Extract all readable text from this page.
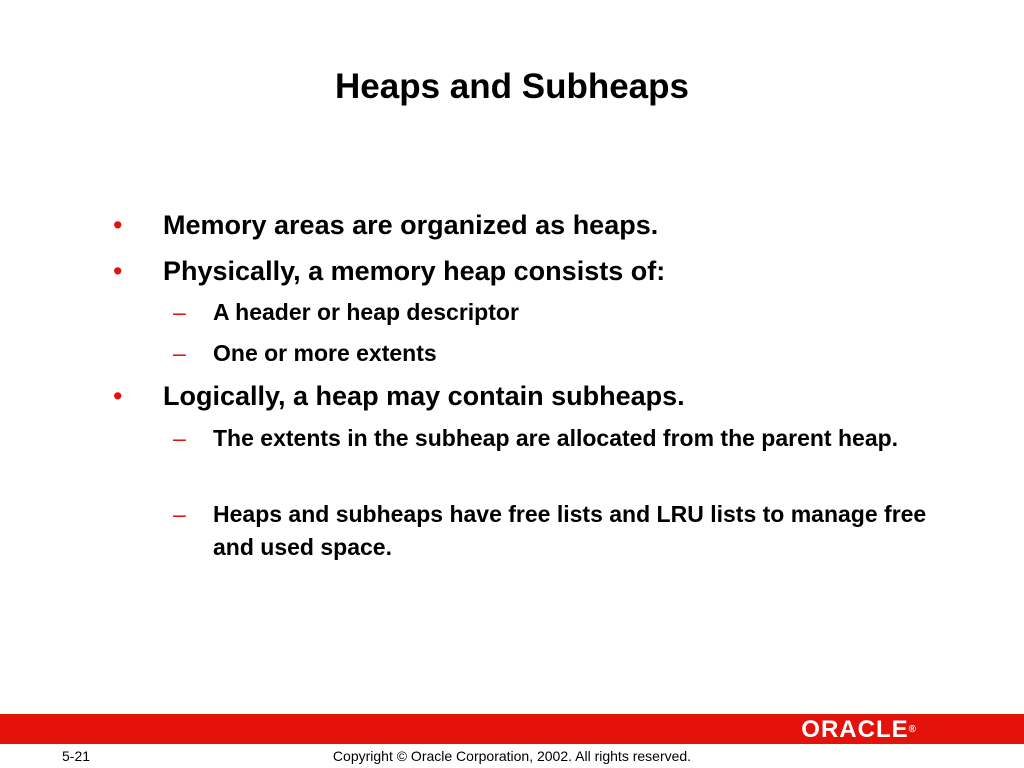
Heaps and Subheaps
• Memory areas are organized as heaps.
• Physically, a memory heap consists of:
– A header or heap descriptor
– One or more extents
• Logically, a heap may contain subheaps.
– The extents in the subheap are allocated from the parent heap.
– Heaps and subheaps have free lists and LRU lists to manage free and used space.
ORACLE®
Copyright © Oracle Corporation, 2002. All rights reserved.
5-21
